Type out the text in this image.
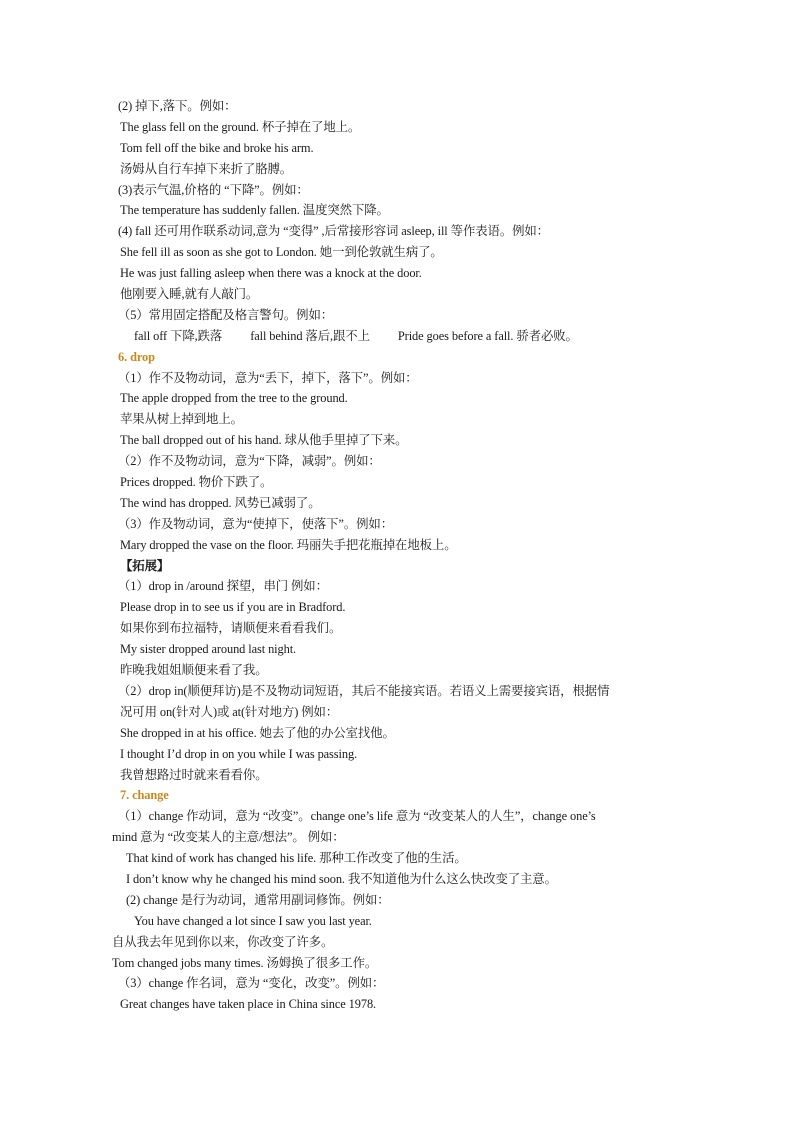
(2) 掉下,落下。例如：
The glass fell on the ground. 杯子掉在了地上。
Tom fell off the bike and broke his arm.
汤姆从自行车掉下来折了胳膊。
(3)表示气温,价格的 “下降”。例如：
The temperature has suddenly fallen. 温度突然下降。
(4) fall 还可用作联系动词,意为 “变得” ,后常接形容词 asleep, ill 等作表语。例如：
She fell ill as soon as she got to London. 她一到伦敦就生病了。
He was just falling asleep when there was a knock at the door.
他刚要入睡,就有人敲门。
（5）常用固定搭配及格言警句。例如：
fall off 下降,跌落 fall behind 落后,跟不上 Pride goes before a fall. 骄者必败。
6. drop
（1）作不及物动词，意为“丢下，掉下，落下”。例如：
The apple dropped from the tree to the ground.
苹果从树上掉到地上。
The ball dropped out of his hand. 球从他手里掉了下来。
（2）作不及物动词，意为“下降，减弱”。例如：
Prices dropped. 物价下跌了。
The wind has dropped. 风势已减弱了。
（3）作及物动词，意为“使掉下，使落下”。例如：
Mary dropped the vase on the floor. 玛丽失手把花瓶掉在地板上。
【拓展】
（1）drop in /around 探望，串门 例如：
Please drop in to see us if you are in Bradford.
如果你到布拉福特，请顺便来看看我们。
My sister dropped around last night.
昨晚我姐姐顺便来看了我。
（2）drop in(顺便拜访)是不及物动词短语，其后不能接宾语。若语义上需要接宾语，根据情
况可用 on(针对人)或 at(针对地方) 例如：
She dropped in at his office. 她去了他的办公室找他。
I thought I’d drop in on you while I was passing.
我曾想路过时就来看看你。
7. change
（1）change 作动词，意为 “改变”。change one’s life 意为 “改变某人的人生”，change one’s
mind 意为 “改变某人的主意/想法”。 例如：
That kind of work has changed his life. 那种工作改变了他的生活。
I don’t know why he changed his mind soon. 我不知道他为什么这么快改变了主意。
(2) change 是行为动词，通常用副词修饰。例如：
You have changed a lot since I saw you last year.
自从我去年见到你以来，你改变了许多。
Tom changed jobs many times. 汤姆换了很多工作。
（3）change 作名词，意为 “变化，改变”。例如：
Great changes have taken place in China since 1978.
